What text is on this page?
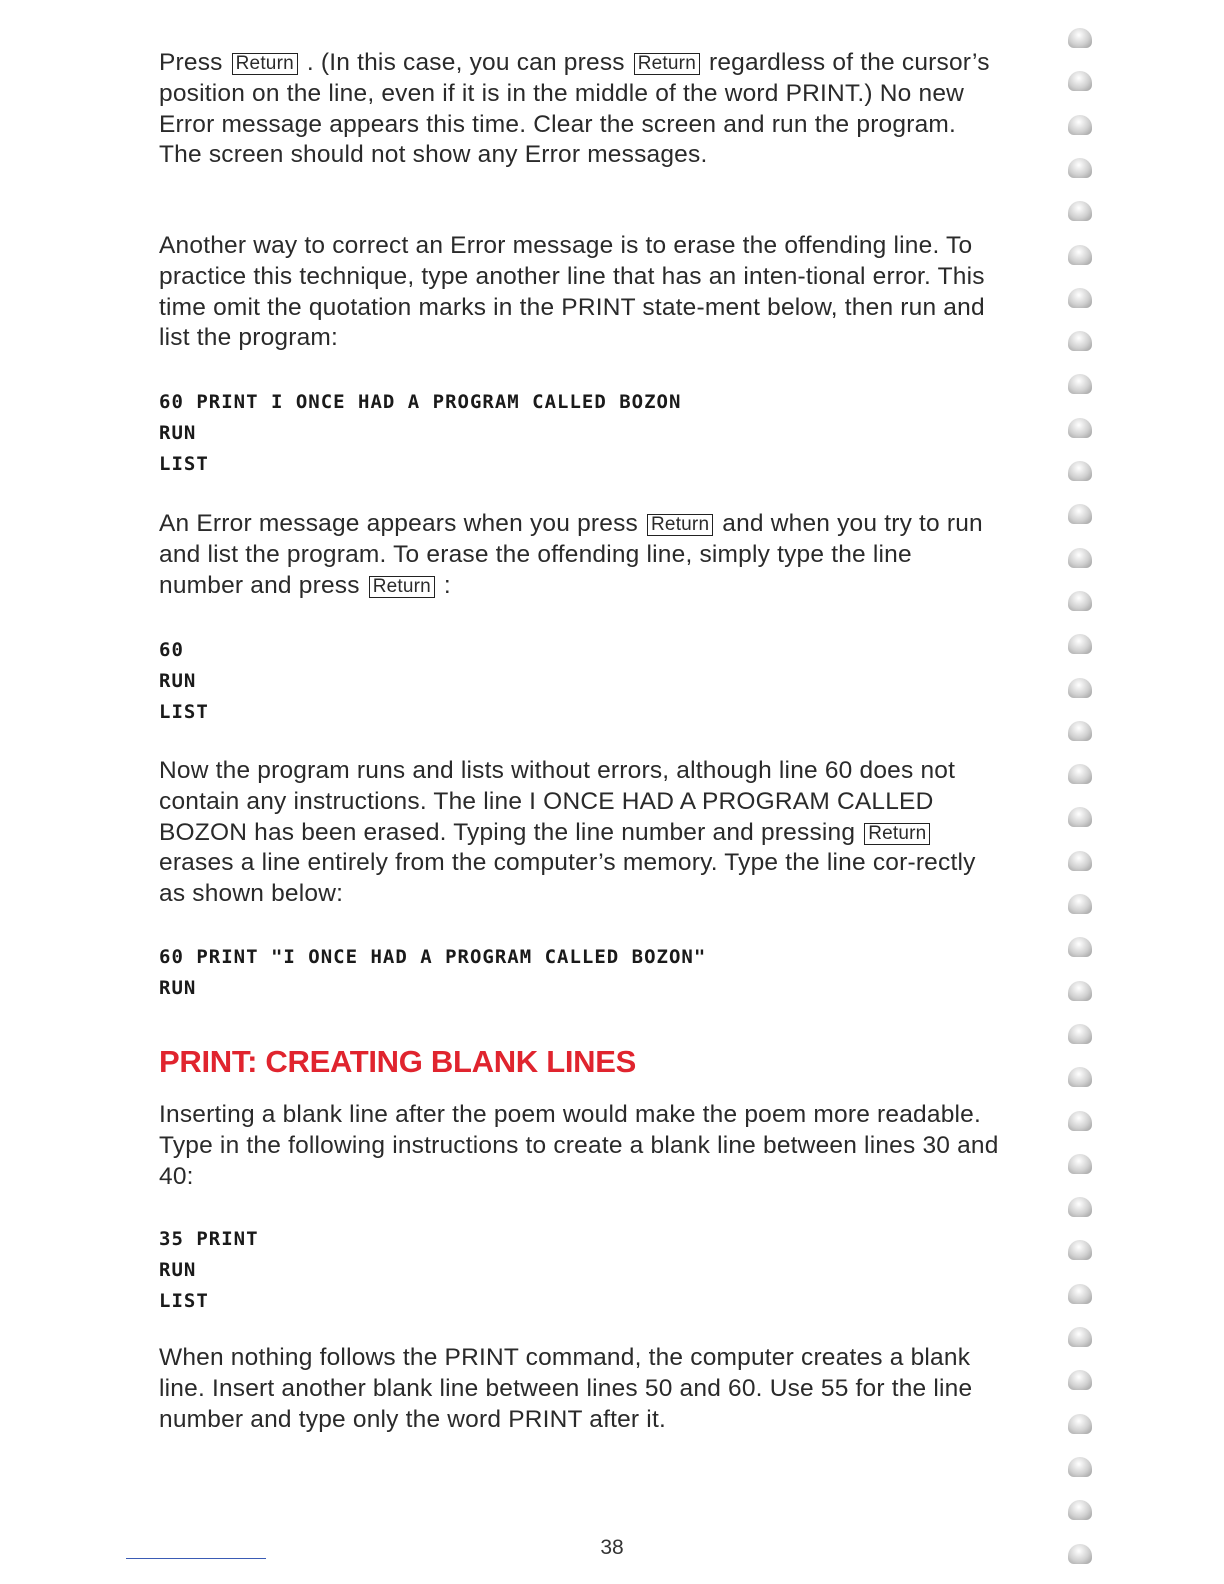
Press Return . (In this case, you can press Return regardless of the cursor’s position on the line, even if it is in the middle of the word PRINT.) No new Error message appears this time. Clear the screen and run the program. The screen should not show any Error messages.

Another way to correct an Error message is to erase the offending line. To practice this technique, type another line that has an inten-tional error. This time omit the quotation marks in the PRINT state-ment below, then run and list the program:

60 PRINT I ONCE HAD A PROGRAM CALLED BOZON
RUN
LIST

An Error message appears when you press Return and when you try to run and list the program. To erase the offending line, simply type the line number and press Return :

60
RUN
LIST

Now the program runs and lists without errors, although line 60 does not contain any instructions. The line I ONCE HAD A PROGRAM CALLED BOZON has been erased. Typing the line number and pressing Return erases a line entirely from the computer’s memory. Type the line cor-rectly as shown below:

60 PRINT "I ONCE HAD A PROGRAM CALLED BOZON"
RUN
PRINT: CREATING BLANK LINES

Inserting a blank line after the poem would make the poem more readable. Type in the following instructions to create a blank line between lines 30 and 40:

35 PRINT
RUN
LIST

When nothing follows the PRINT command, the computer creates a blank line. Insert another blank line between lines 50 and 60. Use 55 for the line number and type only the word PRINT after it.

38
